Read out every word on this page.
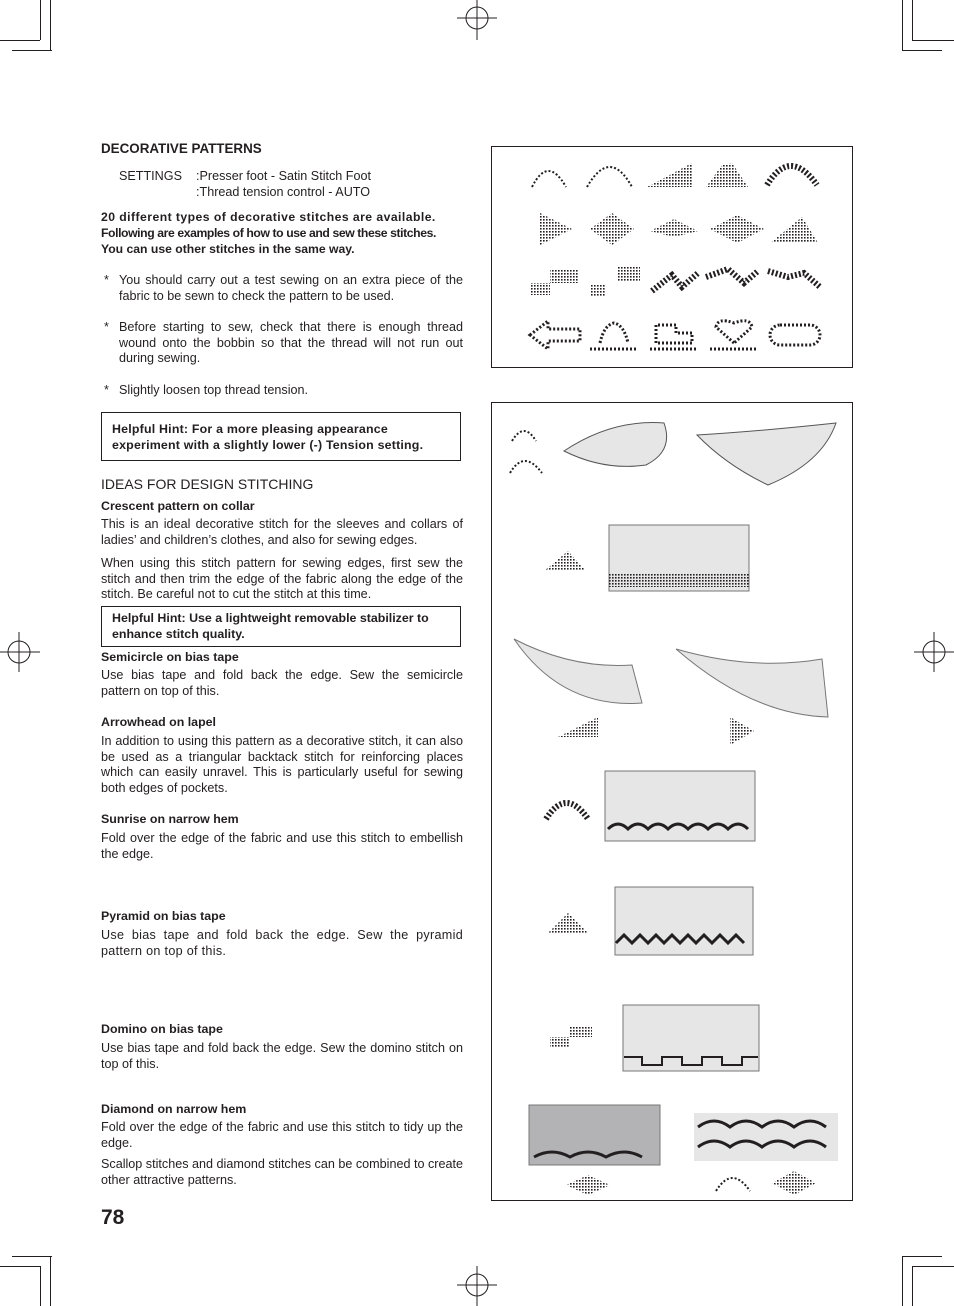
DECORATIVE PATTERNS
SETTINGS :Presser foot - Satin Stitch Foot
:Thread tension control - AUTO
20 different types of decorative stitches are available.
Following are examples of how to use and sew these stitches.
You can use other stitches in the same way.
* You should carry out a test sewing on an extra piece of the fabric to be sewn to check the pattern to be used.
* Before starting to sew, check that there is enough thread wound onto the bobbin so that the thread will not run out during sewing.
* Slightly loosen top thread tension.
Helpful Hint: For a more pleasing appearance experiment with a slightly lower (-) Tension setting.
IDEAS FOR DESIGN STITCHING
Crescent pattern on collar
This is an ideal decorative stitch for the sleeves and collars of ladies’ and children’s clothes, and also for sewing edges.
When using this stitch pattern for sewing edges, first sew the stitch and then trim the edge of the fabric along the edge of the stitch. Be careful not to cut the stitch at this time.
Helpful Hint: Use a lightweight removable stabilizer to enhance stitch quality.
Semicircle on bias tape
Use bias tape and fold back the edge. Sew the semicircle pattern on top of this.
Arrowhead on lapel
In addition to using this pattern as a decorative stitch, it can also be used as a triangular backtack stitch for reinforcing places which can easily unravel. This is particularly useful for sewing both edges of pockets.
Sunrise on narrow hem
Fold over the edge of the fabric and use this stitch to embellish the edge.
Pyramid on bias tape
Use bias tape and fold back the edge. Sew the pyramid pattern on top of this.
Domino on bias tape
Use bias tape and fold back the edge. Sew the domino stitch on top of this.
Diamond on narrow hem
Fold over the edge of the fabric and use this stitch to tidy up the edge.
Scallop stitches and diamond stitches can be combined to create other attractive patterns.
78
